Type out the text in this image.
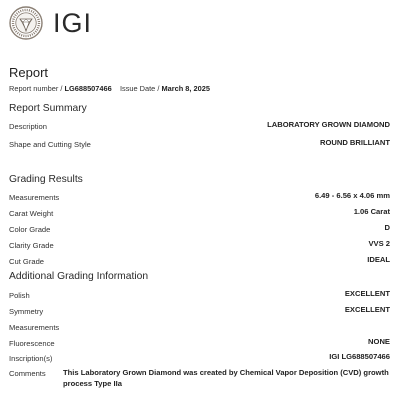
IGI
Report
Report number / LG688507466 Issue Date / March 8, 2025
Report Summary
Description	LABORATORY GROWN DIAMOND
Shape and Cutting Style	ROUND BRILLIANT
Grading Results
Measurements	6.49 - 6.56 x 4.06 mm
Carat Weight	1.06 Carat
Color Grade	D
Clarity Grade	VVS 2
Cut Grade	IDEAL
Additional Grading Information
Polish	EXCELLENT
Symmetry	EXCELLENT
Measurements
Fluorescence	NONE
Inscription(s)	IGI LG688507466
Comments This Laboratory Grown Diamond was created by Chemical Vapor Deposition (CVD) growth process Type IIa
